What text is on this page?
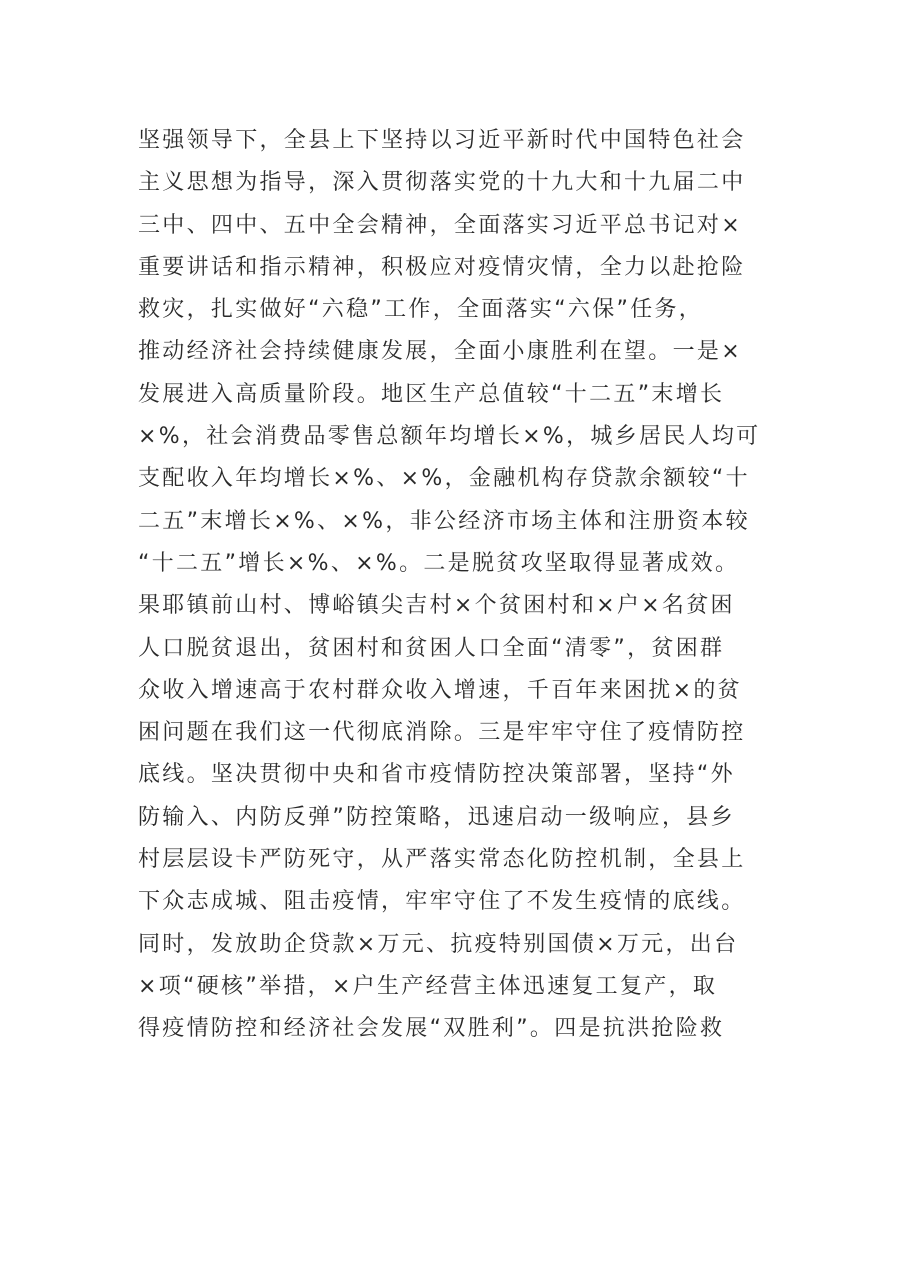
坚强领导下，全县上下坚持以习近平新时代中国特色社会
主义思想为指导，深入贯彻落实党的十九大和十九届二中
三中、四中、五中全会精神，全面落实习近平总书记对×
重要讲话和指示精神，积极应对疫情灾情，全力以赴抢险
救灾，扎实做好“六稳”工作，全面落实“六保”任务，
推动经济社会持续健康发展，全面小康胜利在望。一是×
发展进入高质量阶段。地区生产总值较“十二五”末增长
×%，社会消费品零售总额年均增长×%，城乡居民人均可
支配收入年均增长×%、×%，金融机构存贷款余额较“十
二五”末增长×%、×%，非公经济市场主体和注册资本较
“十二五”增长×%、×%。二是脱贫攻坚取得显著成效。
果耶镇前山村、博峪镇尖吉村×个贫困村和×户×名贫困
人口脱贫退出，贫困村和贫困人口全面“清零”，贫困群
众收入增速高于农村群众收入增速，千百年来困扰×的贫
困问题在我们这一代彻底消除。三是牢牢守住了疫情防控
底线。坚决贯彻中央和省市疫情防控决策部署，坚持“外
防输入、内防反弹”防控策略，迅速启动一级响应，县乡
村层层设卡严防死守，从严落实常态化防控机制，全县上
下众志成城、阻击疫情，牢牢守住了不发生疫情的底线。
同时，发放助企贷款×万元、抗疫特别国债×万元，出台
×项“硬核”举措，×户生产经营主体迅速复工复产，取
得疫情防控和经济社会发展“双胜利”。四是抗洪抢险救
